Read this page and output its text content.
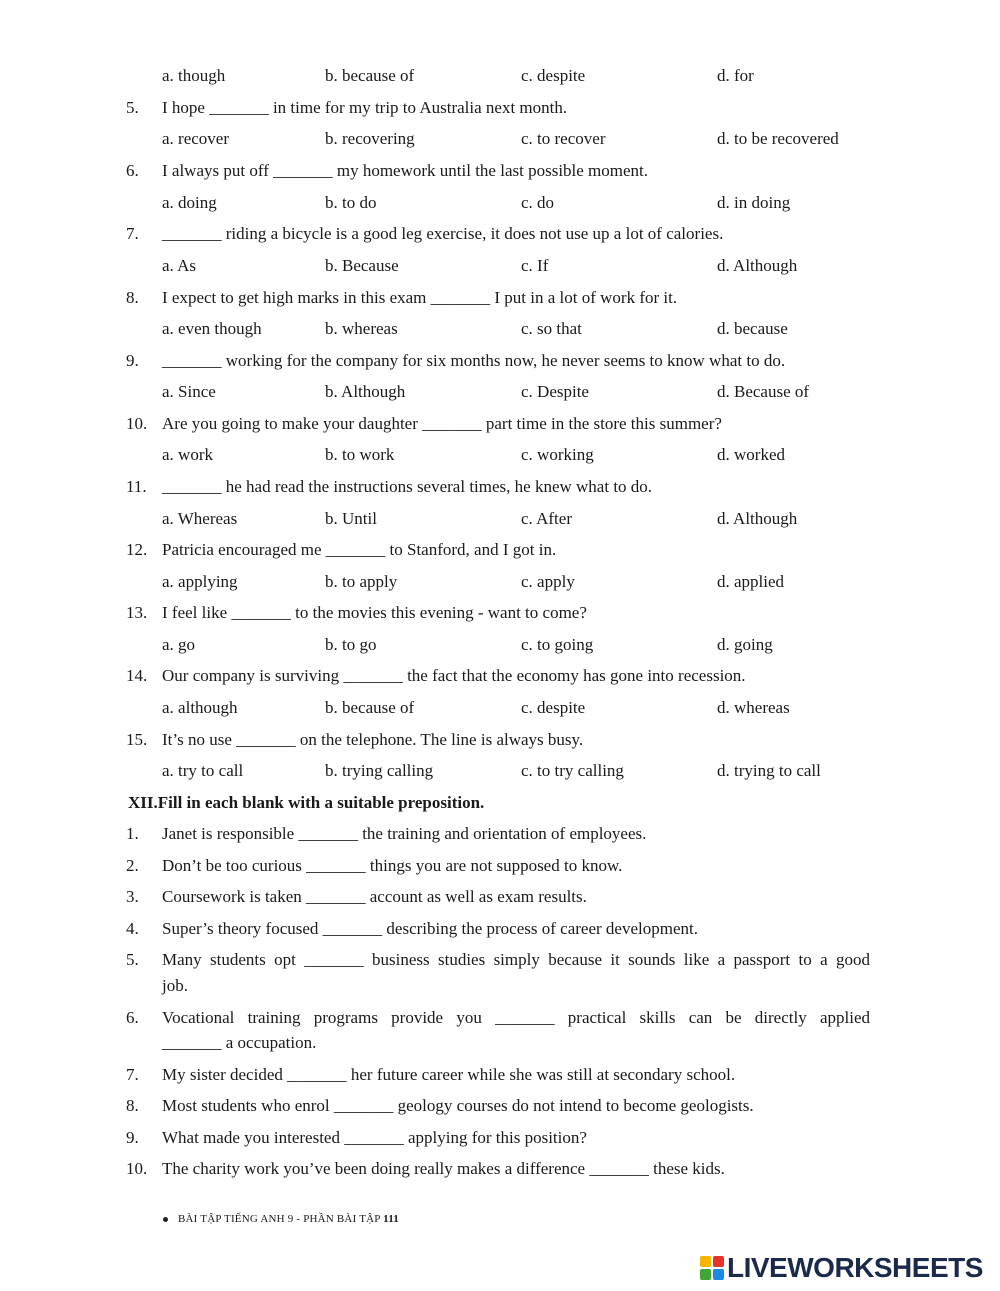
a. though	b. because of	c. despite	d. for
5.	I hope _______ in time for my trip to Australia next month.
a. recover	b. recovering	c. to recover	d. to be recovered
6.	I always put off _______ my homework until the last possible moment.
a. doing	b. to do	c. do	d. in doing
7.	_______ riding a bicycle is a good leg exercise, it does not use up a lot of calories.
a. As	b. Because	c. If	d. Although
8.	I expect to get high marks in this exam _______ I put in a lot of work for it.
a. even though	b. whereas	c. so that	d. because
9.	_______ working for the company for six months now, he never seems to know what to do.
a. Since	b. Although	c. Despite	d. Because of
10. Are you going to make your daughter _______ part time in the store this summer?
a. work	b. to work	c. working	d. worked
11. _______ he had read the instructions several times, he knew what to do.
a. Whereas	b. Until	c. After	d. Although
12. Patricia encouraged me _______ to Stanford, and I got in.
a. applying	b. to apply	c. apply	d. applied
13. I feel like _______ to the movies this evening - want to come?
a. go	b. to go	c. to going	d. going
14. Our company is surviving _______ the fact that the economy has gone into recession.
a. although	b. because of	c. despite	d. whereas
15. It’s no use _______ on the telephone. The line is always busy.
a. try to call	b. trying calling	c. to try calling	d. trying to call
XII.Fill in each blank with a suitable preposition.
1.	Janet is responsible _______ the training and orientation of employees.
2.	Don’t be too curious _______ things you are not supposed to know.
3.	Coursework is taken _______ account as well as exam results.
4.	Super’s theory focused _______ describing the process of career development.
5.	Many students opt _______ business studies simply because it sounds like a passport to a good
job.
6.	Vocational training programs provide you _______ practical skills can be directly applied
_______ a occupation.
7.	My sister decided _______ her future career while she was still at secondary school.
8.	Most students who enrol _______ geology courses do not intend to become geologists.
9.	What made you interested _______ applying for this position?
10. The charity work you’ve been doing really makes a difference _______ these kids.
BÀI TẬP TIẾNG ANH 9 - PHẦN BÀI TẬP 111
LIVEWORKSHEETS
